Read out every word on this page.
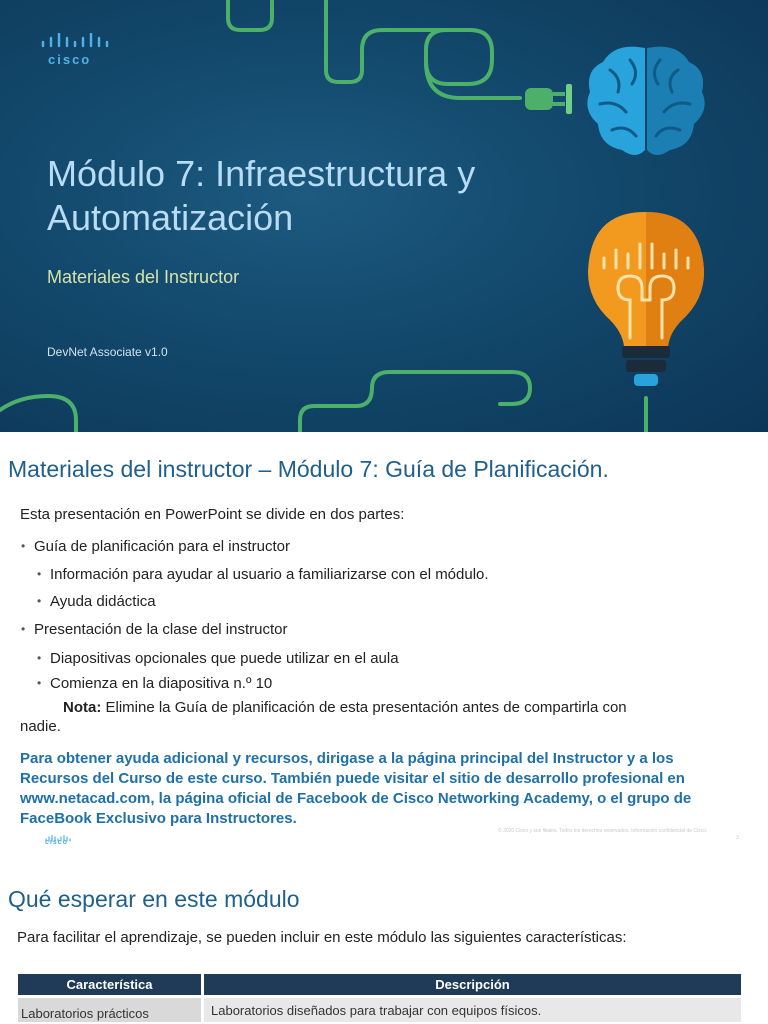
cisco
Módulo 7: Infraestructura y
Automatización
Materiales del Instructor
DevNet Associate v1.0
Materiales del instructor – Módulo 7: Guía de Planificación.
Esta presentación en PowerPoint se divide en dos partes:
• Guía de planificación para el instructor
• Información para ayudar al usuario a familiarizarse con el módulo.
• Ayuda didáctica
• Presentación de la clase del instructor
• Diapositivas opcionales que puede utilizar en el aula
• Comienza en la diapositiva n.º 10
Nota: Elimine la Guía de planificación de esta presentación antes de compartirla con
nadie.
Para obtener ayuda adicional y recursos, dirigase a la página principal del Instructor y a los Recursos del Curso de este curso. También puede visitar el sitio de desarrollo profesional en www.netacad.com, la página oficial de Facebook de Cisco Networking Academy, o el grupo de FaceBook Exclusivo para Instructores.
cisco
© 2020 Cisco y sus filiales. Todos los derechos reservados. Información confidencial de Cisco.
3
Qué esperar en este módulo
Para facilitar el aprendizaje, se pueden incluir en este módulo las siguientes características:
Característica	Descripción
Laboratorios prácticos	Laboratorios diseñados para trabajar con equipos físicos.
